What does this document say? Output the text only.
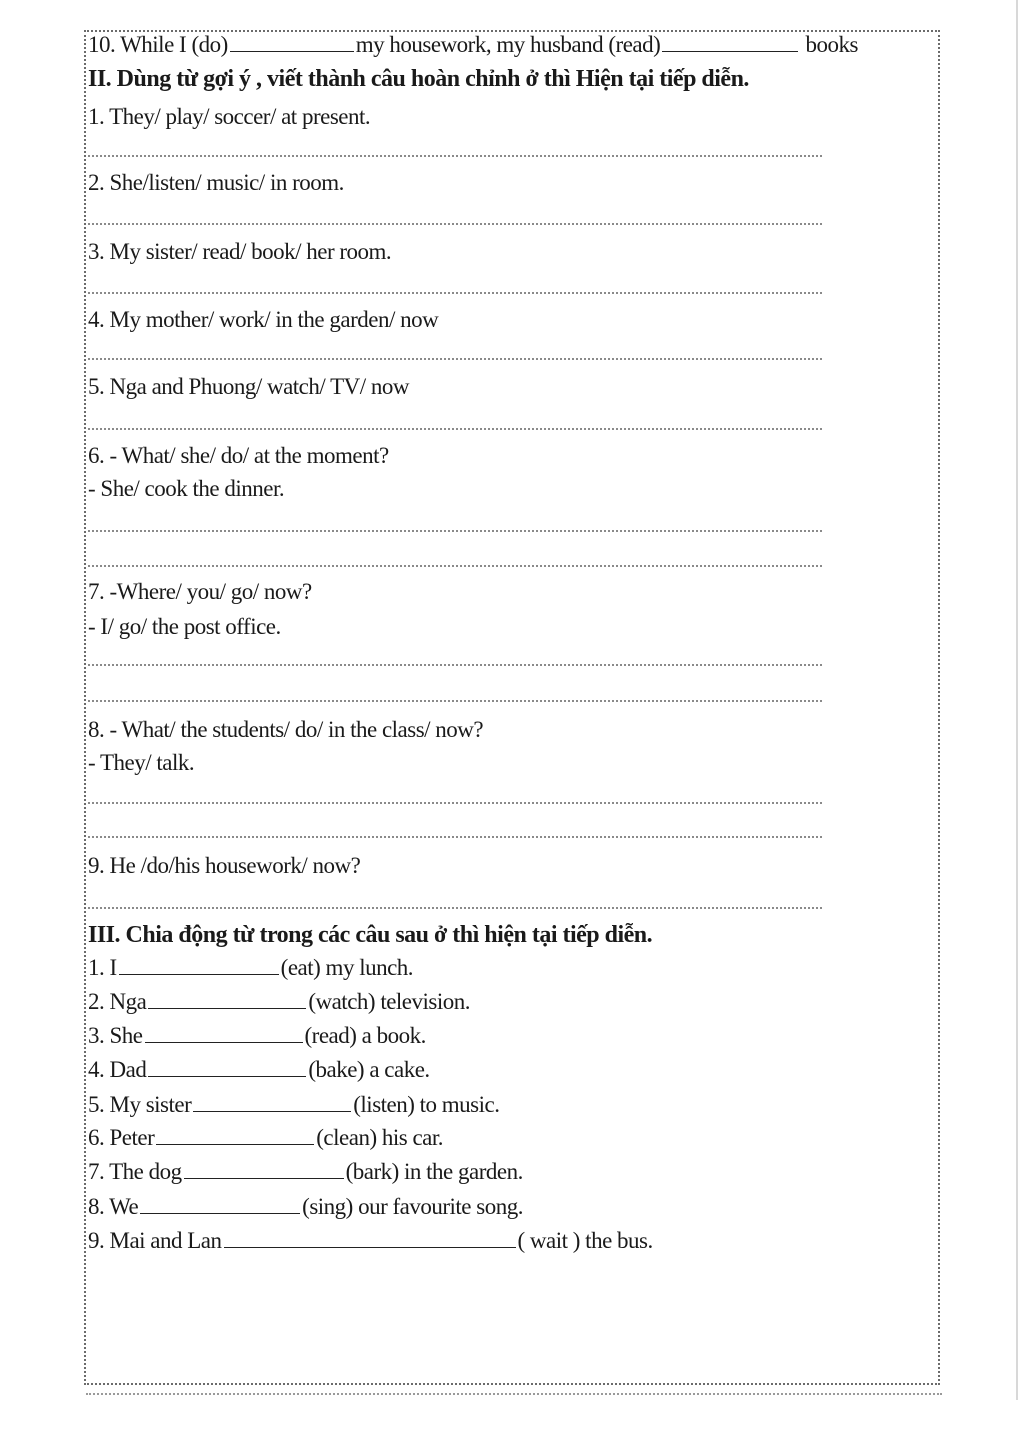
10. While I (do)	my housework, my husband (read)	books
II. Dùng từ gợi ý , viết thành câu hoàn chỉnh ở thì Hiện tại tiếp diễn.
1. They/ play/ soccer/ at present.
2. She/listen/ music/ in room.
3. My sister/ read/ book/ her room.
4. My mother/ work/ in the garden/ now
5. Nga and Phuong/ watch/ TV/ now
6. - What/ she/ do/ at the moment?
- She/ cook the dinner.
7. -Where/ you/ go/ now?
- I/ go/ the post office.
8. - What/ the students/ do/ in the class/ now?
- They/ talk.
9. He /do/his housework/ now?
III. Chia động từ trong các câu sau ở thì hiện tại tiếp diễn.
1. I	(eat) my lunch.
2. Nga	(watch) television.
3. She	(read) a book.
4. Dad	(bake) a cake.
5. My sister	(listen) to music.
6. Peter	(clean) his car.
7. The dog	(bark) in the garden.
8. We	(sing) our favourite song.
9. Mai and Lan	( wait ) the bus.
